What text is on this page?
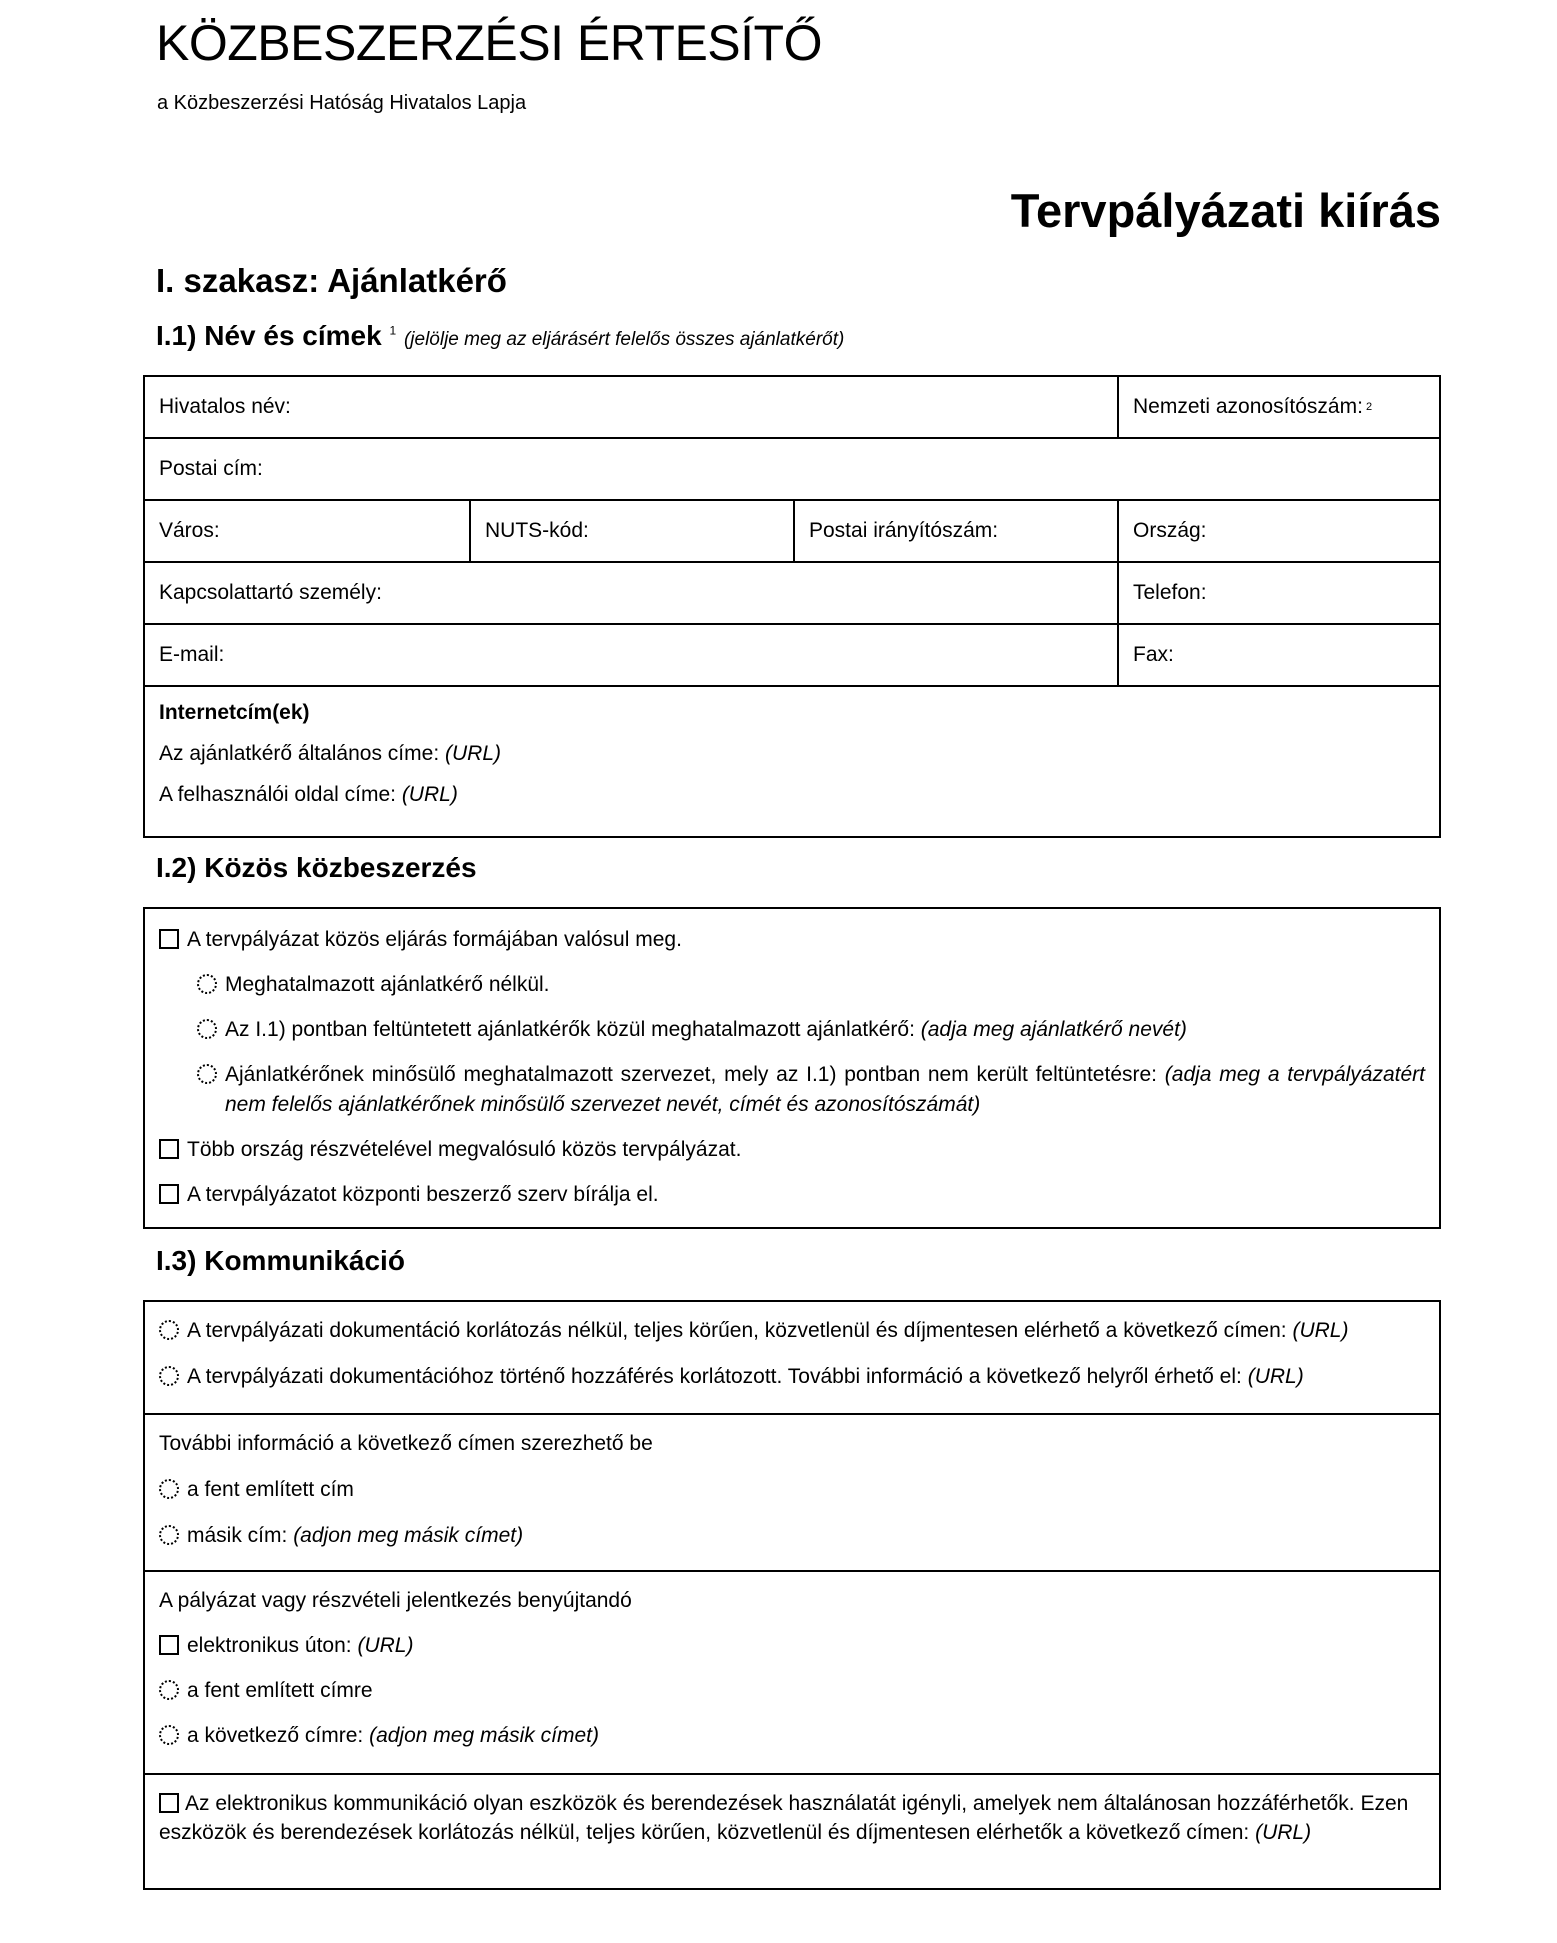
KÖZBESZERZÉSI ÉRTESÍTŐ

a Közbeszerzési Hatóság Hivatalos Lapja

Tervpályázati kiírás
I. szakasz: Ajánlatkérő
I.1) Név és címek $^1$ (jelölje meg az eljárásért felelős összes ajánlatkérőt)
Hivatalos név:	Nemzeti azonosítószám: 2
Postai cím:
Város:	NUTS-kód:	Postai irányítószám:	Ország:
Kapcsolattartó személy:	Telefon:
E-mail:	Fax:
Internetcím(ek)
Az ajánlatkérő általános címe: (URL)
A felhasználói oldal címe: (URL)
I.2) Közös közbeszerzés
A tervpályázat közös eljárás formájában valósul meg.
Meghatalmazott ajánlatkérő nélkül.
Az I.1) pontban feltüntetett ajánlatkérők közül meghatalmazott ajánlatkérő: (adja meg ajánlatkérő nevét)
Ajánlatkérőnek minősülő meghatalmazott szervezet, mely az I.1) pontban nem került feltüntetésre: (adja meg a tervpályázatért nem felelős ajánlatkérőnek minősülő szervezet nevét, címét és azonosítószámát)
Több ország részvételével megvalósuló közös tervpályázat.
A tervpályázatot központi beszerző szerv bírálja el.
I.3) Kommunikáció
A tervpályázati dokumentáció korlátozás nélkül, teljes körűen, közvetlenül és díjmentesen elérhető a következő címen: (URL)
A tervpályázati dokumentációhoz történő hozzáférés korlátozott. További információ a következő helyről érhető el: (URL)
További információ a következő címen szerezhető be
a fent említett cím
másik cím: (adjon meg másik címet)
A pályázat vagy részvételi jelentkezés benyújtandó
elektronikus úton: (URL)
a fent említett címre
a következő címre: (adjon meg másik címet)
Az elektronikus kommunikáció olyan eszközök és berendezések használatát igényli, amelyek nem általánosan hozzáférhetők. Ezen eszközök és berendezések korlátozás nélkül, teljes körűen, közvetlenül és díjmentesen elérhetők a következő címen: (URL)
